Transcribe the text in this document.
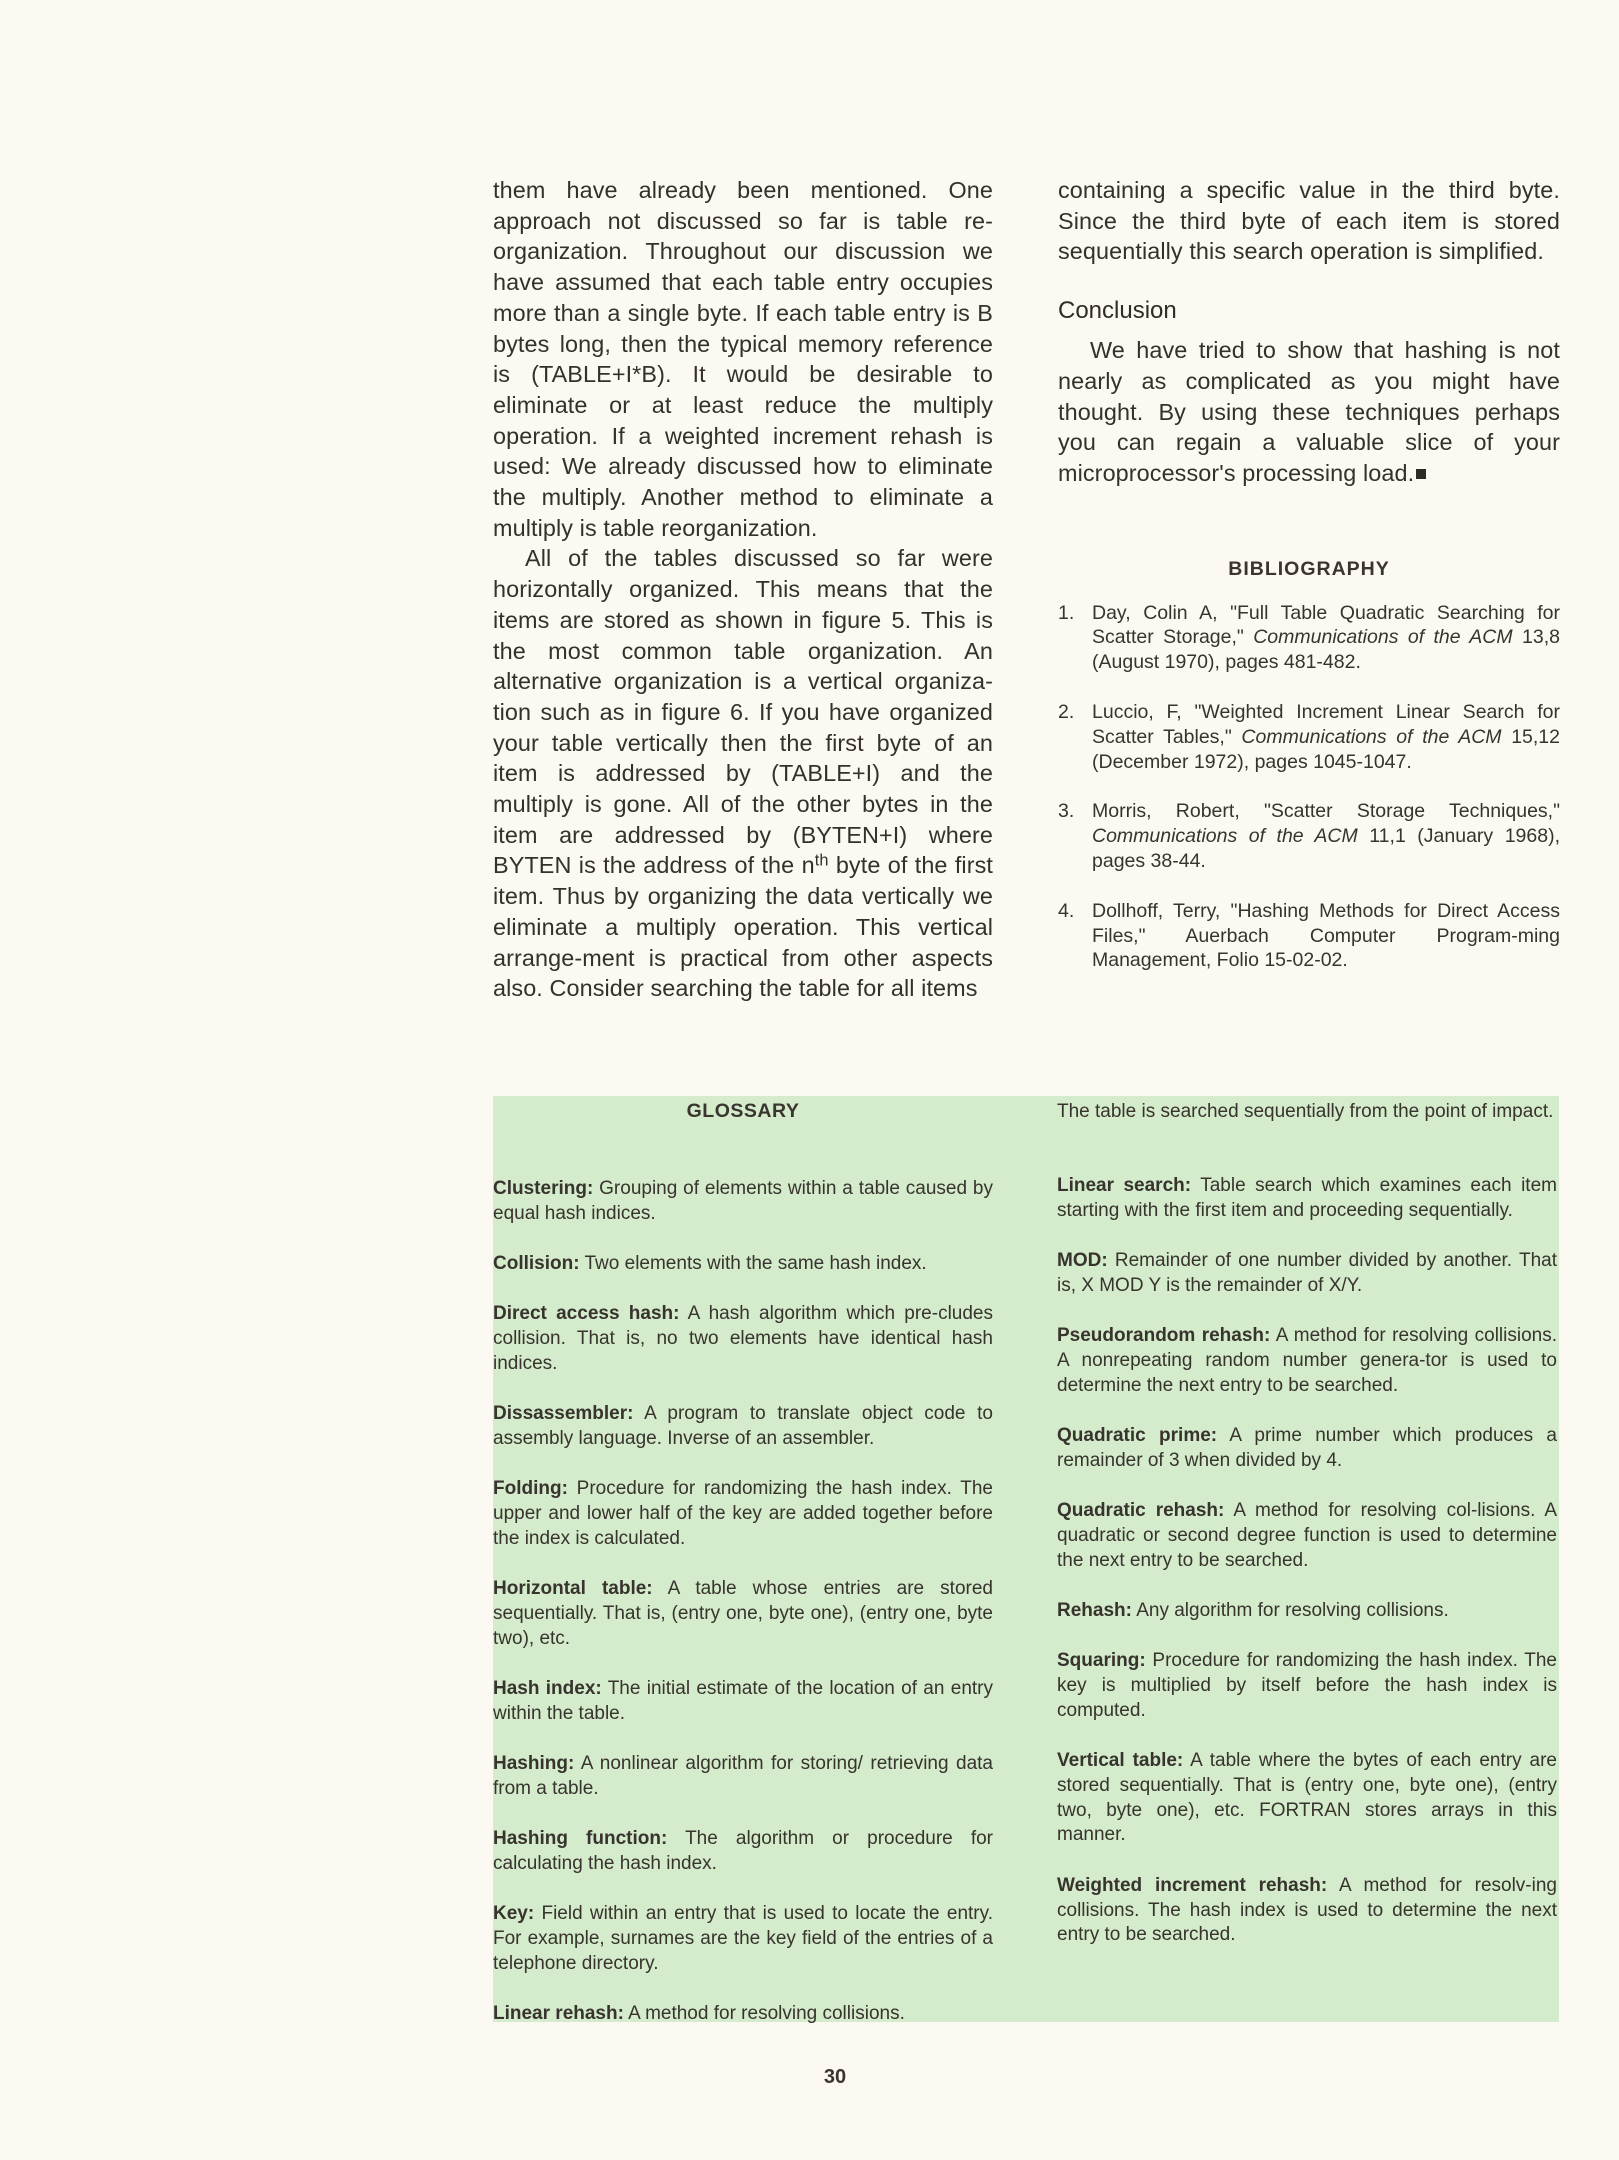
them have already been mentioned. One approach not discussed so far is table re-organization. Throughout our discussion we have assumed that each table entry occupies more than a single byte. If each table entry is B bytes long, then the typical memory reference is (TABLE+I*B). It would be desirable to eliminate or at least reduce the multiply operation. If a weighted increment rehash is used: We already discussed how to eliminate the multiply. Another method to eliminate a multiply is table reorganization.

All of the tables discussed so far were horizontally organized. This means that the items are stored as shown in figure 5. This is the most common table organization. An alternative organization is a vertical organiza-tion such as in figure 6. If you have organized your table vertically then the first byte of an item is addressed by (TABLE+I) and the multiply is gone. All of the other bytes in the item are addressed by (BYTEN+I) where BYTEN is the address of the $n^{th}$ byte of the first item. Thus by organizing the data vertically we eliminate a multiply operation. This vertical arrange-ment is practical from other aspects also. Consider searching the table for all items

containing a specific value in the third byte. Since the third byte of each item is stored sequentially this search operation is simplified.

Conclusion

We have tried to show that hashing is not nearly as complicated as you might have thought. By using these techniques perhaps you can regain a valuable slice of your microprocessor's processing load.

BIBLIOGRAPHY
1. Day, Colin A, "Full Table Quadratic Searching for Scatter Storage," Communications of the ACM 13,8 (August 1970), pages 481-482.
2. Luccio, F, "Weighted Increment Linear Search for Scatter Tables," Communications of the ACM 15,12 (December 1972), pages 1045-1047.
3. Morris, Robert, "Scatter Storage Techniques," Communications of the ACM 11,1 (January 1968), pages 38-44.
4. Dollhoff, Terry, "Hashing Methods for Direct Access Files," Auerbach Computer Program-ming Management, Folio 15-02-02.
GLOSSARY

Clustering: Grouping of elements within a table caused by equal hash indices.

Collision: Two elements with the same hash index.

Direct access hash: A hash algorithm which pre-cludes collision. That is, no two elements have identical hash indices.

Dissassembler: A program to translate object code to assembly language. Inverse of an assembler.

Folding: Procedure for randomizing the hash index. The upper and lower half of the key are added together before the index is calculated.

Horizontal table: A table whose entries are stored sequentially. That is, (entry one, byte one), (entry one, byte two), etc.

Hash index: The initial estimate of the location of an entry within the table.

Hashing: A nonlinear algorithm for storing/ retrieving data from a table.

Hashing function: The algorithm or procedure for calculating the hash index.

Key: Field within an entry that is used to locate the entry. For example, surnames are the key field of the entries of a telephone directory.

Linear rehash: A method for resolving collisions.

The table is searched sequentially from the point of impact.

Linear search: Table search which examines each item starting with the first item and proceeding sequentially.

MOD: Remainder of one number divided by another. That is, X MOD Y is the remainder of X/Y.

Pseudorandom rehash: A method for resolving collisions. A nonrepeating random number genera-tor is used to determine the next entry to be searched.

Quadratic prime: A prime number which produces a remainder of 3 when divided by 4.

Quadratic rehash: A method for resolving col-lisions. A quadratic or second degree function is used to determine the next entry to be searched.

Rehash: Any algorithm for resolving collisions.

Squaring: Procedure for randomizing the hash index. The key is multiplied by itself before the hash index is computed.

Vertical table: A table where the bytes of each entry are stored sequentially. That is (entry one, byte one), (entry two, byte one), etc. FORTRAN stores arrays in this manner.

Weighted increment rehash: A method for resolv-ing collisions. The hash index is used to determine the next entry to be searched.

30
